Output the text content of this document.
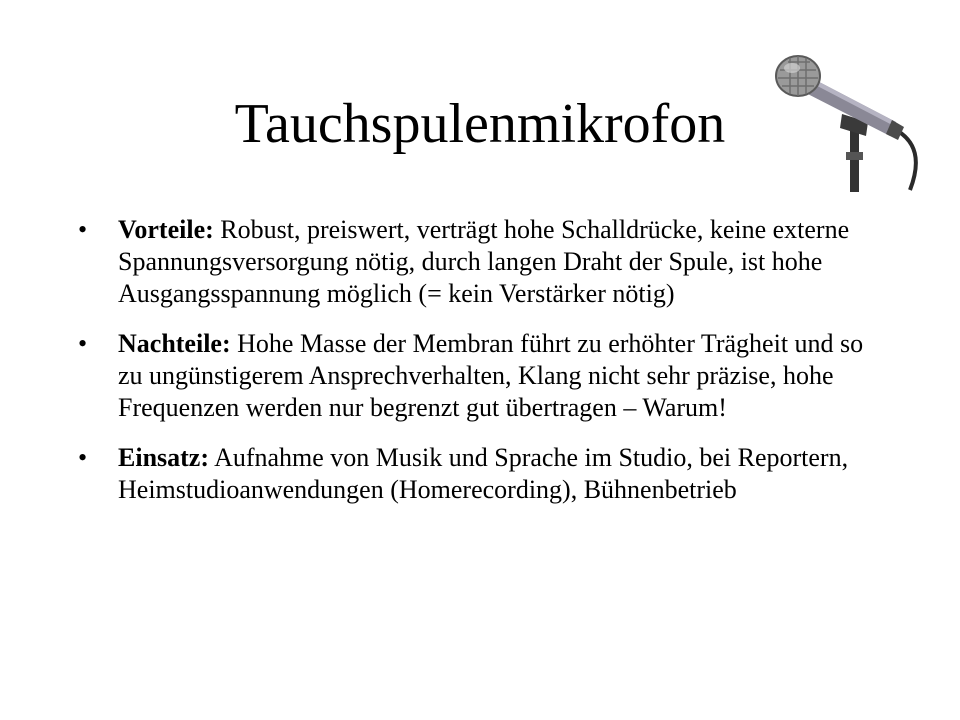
Tauchspulenmikrofon
•	Vorteile: Robust, preiswert, verträgt hohe Schalldrücke, keine externe Spannungsversorgung nötig, durch langen Draht der Spule, ist hohe Ausgangsspannung möglich (= kein Verstärker nötig)
•	Nachteile: Hohe Masse der Membran führt zu erhöhter Trägheit und so zu ungünstigerem Ansprechverhalten, Klang nicht sehr präzise, hohe Frequenzen werden nur begrenzt gut übertragen – Warum!
•	Einsatz: Aufnahme von Musik und Sprache im Studio, bei Reportern, Heimstudioanwendungen (Homerecording), Bühnenbetrieb
